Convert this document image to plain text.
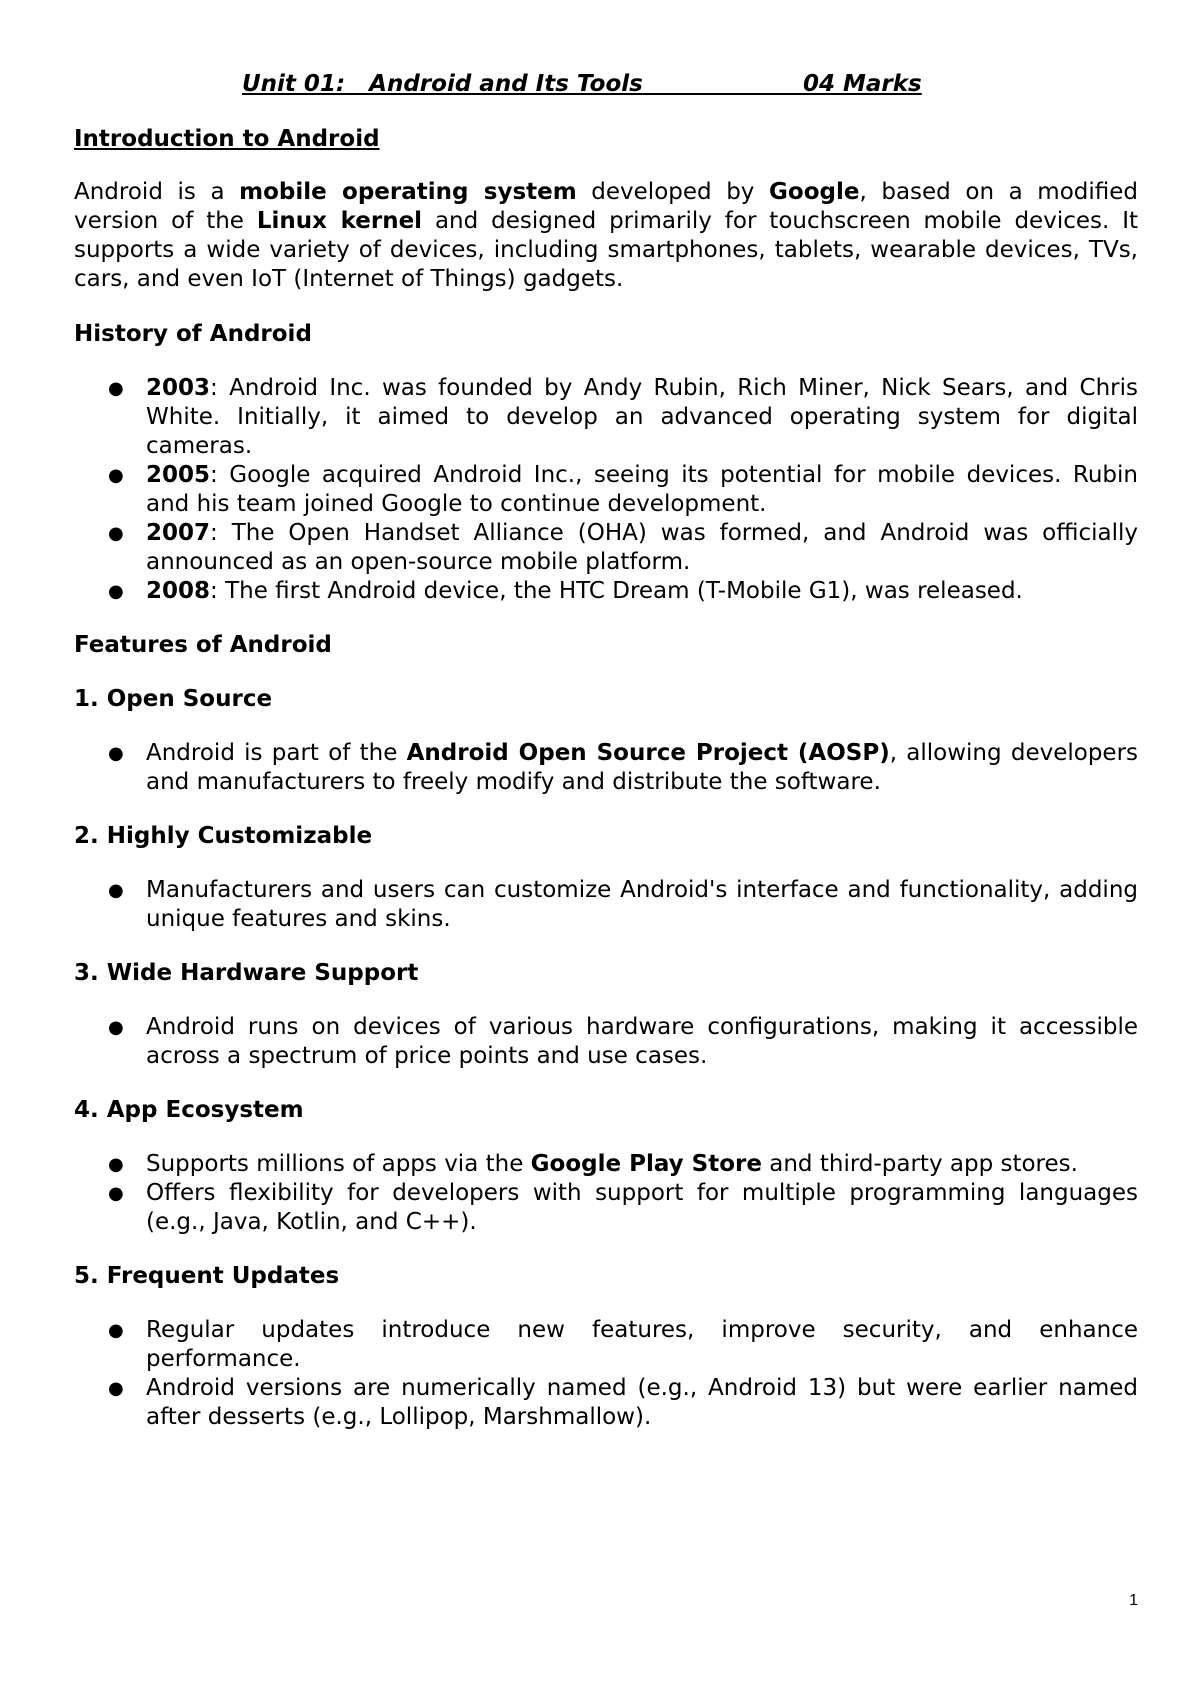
Unit 01: Android and Its Tools	04 Marks
Introduction to Android

Android is a mobile operating system developed by Google, based on a modified version of the Linux kernel and designed primarily for touchscreen mobile devices. It supports a wide variety of devices, including smartphones, tablets, wearable devices, TVs, cars, and even IoT (Internet of Things) gadgets.

History of Android
● 2003: Android Inc. was founded by Andy Rubin, Rich Miner, Nick Sears, and Chris White. Initially, it aimed to develop an advanced operating system for digital cameras.
● 2005: Google acquired Android Inc., seeing its potential for mobile devices. Rubin and his team joined Google to continue development.
● 2007: The Open Handset Alliance (OHA) was formed, and Android was officially announced as an open-source mobile platform.
● 2008: The first Android device, the HTC Dream (T-Mobile G1), was released.
Features of Android
1. Open Source
● Android is part of the Android Open Source Project (AOSP), allowing developers and manufacturers to freely modify and distribute the software.
2. Highly Customizable
● Manufacturers and users can customize Android's interface and functionality, adding unique features and skins.
3. Wide Hardware Support
● Android runs on devices of various hardware configurations, making it accessible across a spectrum of price points and use cases.
4. App Ecosystem
● Supports millions of apps via the Google Play Store and third-party app stores.
● Offers flexibility for developers with support for multiple programming languages (e.g., Java, Kotlin, and C++).
5. Frequent Updates
● Regular updates introduce new features, improve security, and enhance performance.
● Android versions are numerically named (e.g., Android 13) but were earlier named after desserts (e.g., Lollipop, Marshmallow).
1
